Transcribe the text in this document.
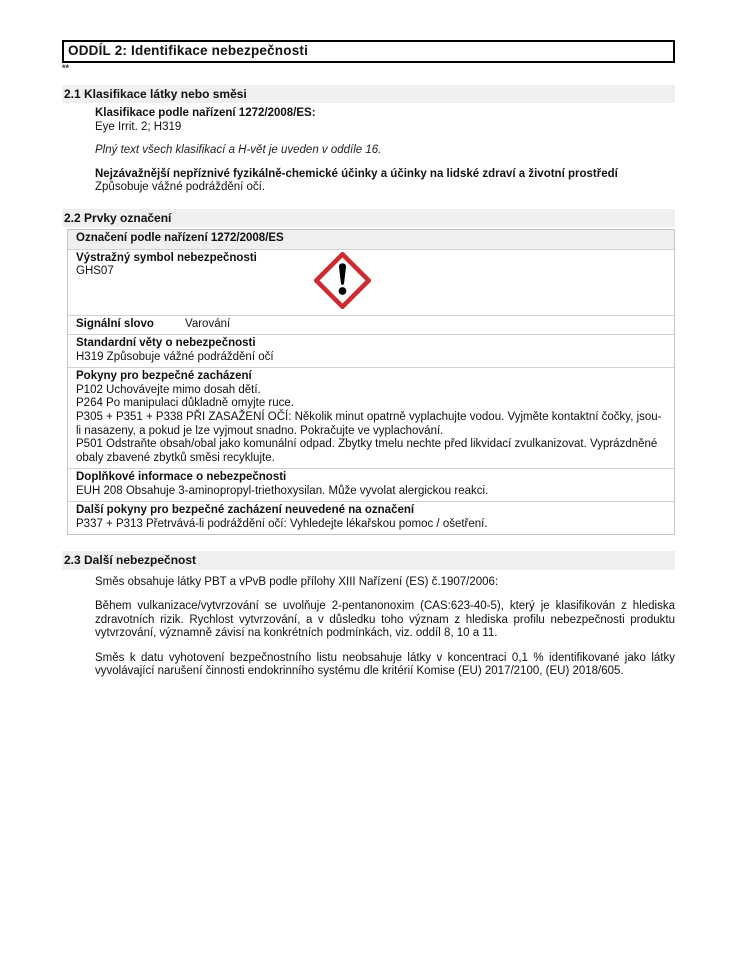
ODDÍL 2: Identifikace nebezpečnosti
**
2.1 Klasifikace látky nebo směsi
Klasifikace podle nařízení 1272/2008/ES:
Eye Irrit. 2; H319
Plný text všech klasifikací a H-vět je uveden v oddíle 16.
Nejzávažnější nepříznivé fyzikálně-chemické účinky a účinky na lidské zdraví a životní prostředí
Způsobuje vážné podráždění očí.
2.2 Prvky označení
Označení podle nařízení 1272/2008/ES
Výstražný symbol nebezpečnosti
GHS07
Signální slovo	Varování
Standardní věty o nebezpečnosti
H319 Způsobuje vážné podráždění očí
Pokyny pro bezpečné zacházení
P102 Uchovávejte mimo dosah dětí.
P264 Po manipulaci důkladně omyjte ruce.
P305 + P351 + P338 PŘI ZASAŽENÍ OČÍ: Několik minut opatrně vyplachujte vodou. Vyjměte kontaktní čočky, jsou-li nasazeny, a pokud je lze vyjmout snadno. Pokračujte ve vyplachování.
P501 Odstraňte obsah/obal jako komunální odpad. Zbytky tmelu nechte před likvidací zvulkanizovat. Vyprázdněné obaly zbavené zbytků směsi recyklujte.
Doplňkové informace o nebezpečnosti
EUH 208 Obsahuje 3-aminopropyl-triethoxysilan. Může vyvolat alergickou reakci.
Další pokyny pro bezpečné zacházení neuvedené na označení
P337 + P313 Přetrvává-li podráždění očí: Vyhledejte lékařskou pomoc / ošetření.
2.3 Další nebezpečnost
Směs obsahuje látky PBT a vPvB podle přílohy XIII Nařízení (ES) č.1907/2006:
Během vulkanizace/vytvrzování se uvolňuje 2-pentanonoxim (CAS:623-40-5), který je klasifikován z hlediska zdravotních rizik. Rychlost vytvrzování, a v důsledku toho význam z hlediska profilu nebezpečnosti produktu vytvrzování, významně závisí na konkrétních podmínkách, viz. oddíl 8, 10 a 11.
Směs k datu vyhotovení bezpečnostního listu neobsahuje látky v koncentraci 0,1 % identifikované jako látky vyvolávající narušení činnosti endokrinního systému dle kritérií Komise (EU) 2017/2100, (EU) 2018/605.
